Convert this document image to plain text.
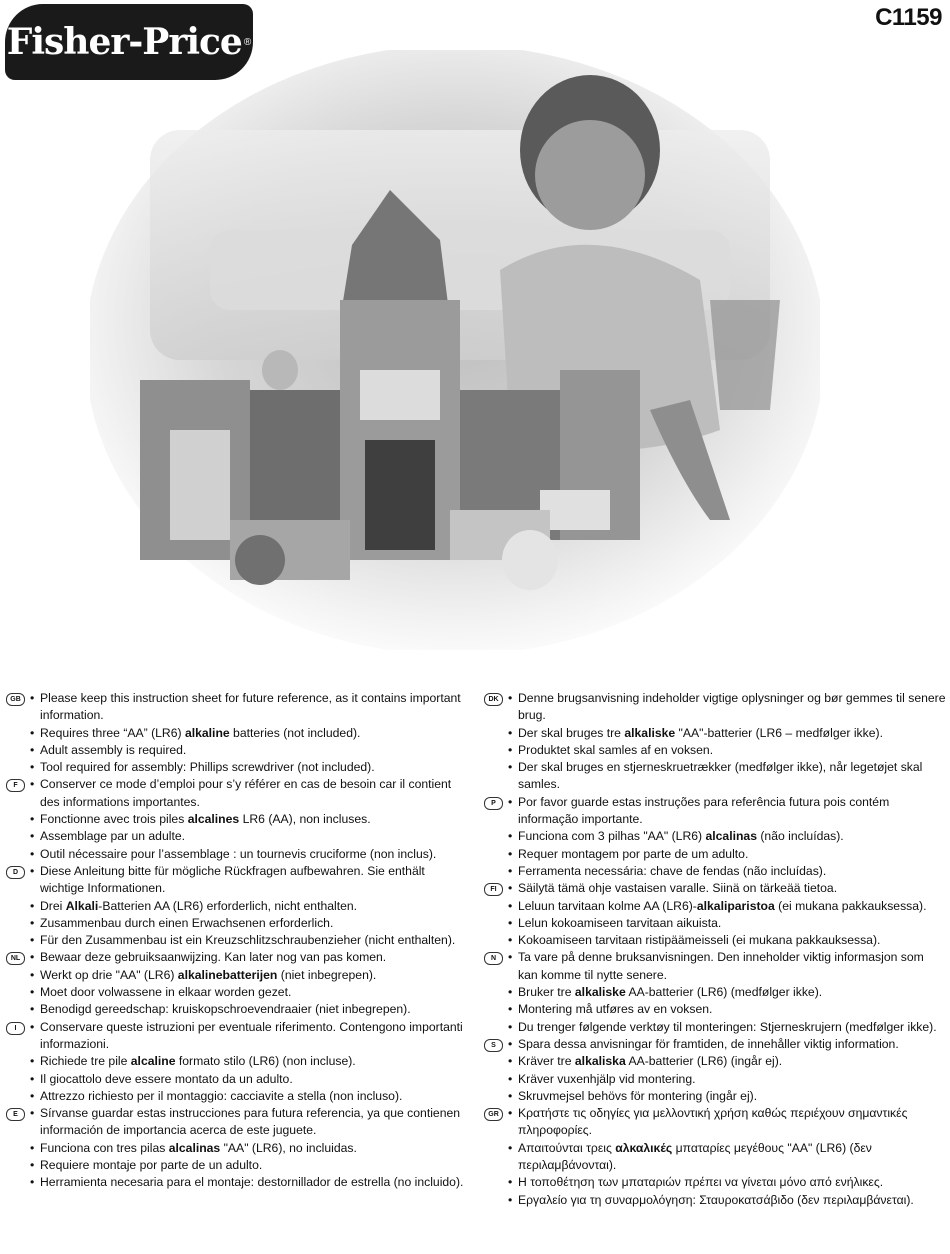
Fisher-Price ®
C1159
GB • Please keep this instruction sheet for future reference, as it contains important information.
• Requires three “AA” (LR6) alkaline batteries (not included).
• Adult assembly is required.
• Tool required for assembly: Phillips screwdriver (not included).
F	• Conserver ce mode d’emploi pour s’y référer en cas de besoin car il contient des informations importantes.
• Fonctionne avec trois piles alcalines LR6 (AA), non incluses.
• Assemblage par un adulte.
• Outil nécessaire pour l’assemblage : un tournevis cruciforme (non inclus).
D • Diese Anleitung bitte für mögliche Rückfragen aufbewahren. Sie enthält wichtige Informationen.
• Drei Alkali-Batterien AA (LR6) erforderlich, nicht enthalten.
• Zusammenbau durch einen Erwachsenen erforderlich.
• Für den Zusammenbau ist ein Kreuzschlitzschraubenzieher (nicht enthalten).
NL • Bewaar deze gebruiksaanwijzing. Kan later nog van pas komen.
• Werkt op drie "AA" (LR6) alkalinebatterijen (niet inbegrepen).
• Moet door volwassene in elkaar worden gezet.
• Benodigd gereedschap: kruiskopschroevendraaier (niet inbegrepen).
I	• Conservare queste istruzioni per eventuale riferimento. Contengono importanti informazioni.
• Richiede tre pile alcaline formato stilo (LR6) (non incluse).
• Il giocattolo deve essere montato da un adulto.
• Attrezzo richiesto per il montaggio: cacciavite a stella (non incluso).
E • Sírvanse guardar estas instrucciones para futura referencia, ya que contienen información de importancia acerca de este juguete.
• Funciona con tres pilas alcalinas "AA" (LR6), no incluidas.
• Requiere montaje por parte de un adulto.
• Herramienta necesaria para el montaje: destornillador de estrella (no incluido).
DK • Denne brugsanvisning indeholder vigtige oplysninger og bør gemmes til senere brug.
• Der skal bruges tre alkaliske "AA"-batterier (LR6 – medfølger ikke).
• Produktet skal samles af en voksen.
• Der skal bruges en stjerneskruetrækker (medfølger ikke), når legetøjet skal samles.
P • Por favor guarde estas instruções para referência futura pois contém informação importante.
• Funciona com 3 pilhas "AA" (LR6) alcalinas (não incluídas).
• Requer montagem por parte de um adulto.
• Ferramenta necessária: chave de fendas (não incluídas).
FI • Säilytä tämä ohje vastaisen varalle. Siinä on tärkeää tietoa.
• Leluun tarvitaan kolme AA (LR6)-alkaliparistoa (ei mukana pakkauksessa).
• Lelun kokoamiseen tarvitaan aikuista.
• Kokoamiseen tarvitaan ristipäämeisseli (ei mukana pakkauksessa).
N • Ta vare på denne bruksanvisningen. Den inneholder viktig informasjon som kan komme til nytte senere.
• Bruker tre alkaliske AA-batterier (LR6) (medfølger ikke).
• Montering må utføres av en voksen.
• Du trenger følgende verktøy til monteringen: Stjerneskrujern (medfølger ikke).
S • Spara dessa anvisningar för framtiden, de innehåller viktig information.
• Kräver tre alkaliska AA-batterier (LR6) (ingår ej).
• Kräver vuxenhjälp vid montering.
• Skruvmejsel behövs för montering (ingår ej).
GR • Κρατήστε τις οδηγίες για μελλοντική χρήση καθώς περιέχουν σημαντικές πληροφορίες.
• Απαιτούνται τρεις αλκαλικές μπαταρίες μεγέθους "AA" (LR6) (δεν περιλαμβάνονται).
• Η τοποθέτηση των μπαταριών πρέπει να γίνεται μόνο από ενήλικες.
• Εργαλείο για τη συναρμολόγηση: Σταυροκατσάβιδο (δεν περιλαμβάνεται).
